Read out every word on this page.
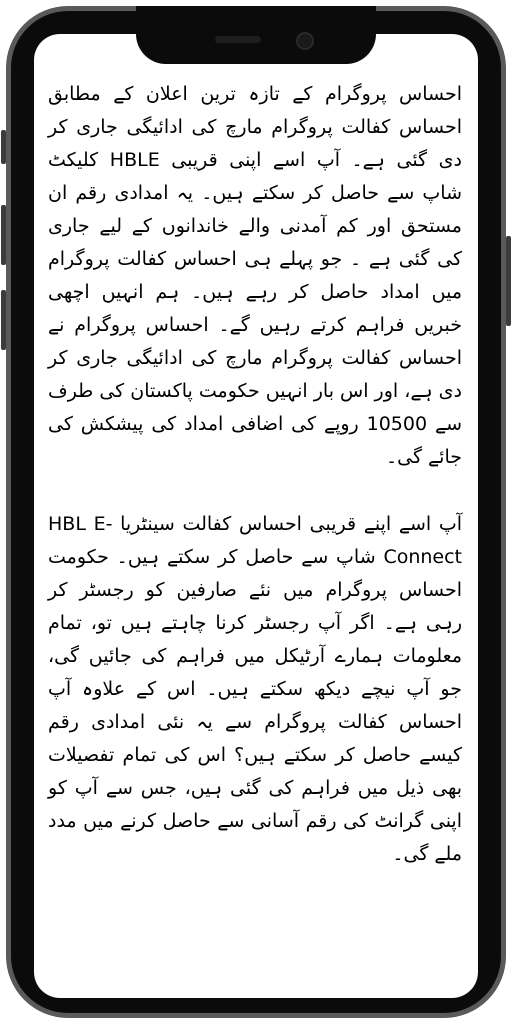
احساس پروگرام کے تازہ ترین اعلان کے مطابق احساس کفالت پروگرام مارچ کی ادائیگی جاری کر دی گئی ہے۔ آپ اسے اپنی قریبی HBLE کلیکٹ شاپ سے حاصل کر سکتے ہیں۔ یہ امدادی رقم ان مستحق اور کم آمدنی والے خاندانوں کے لیے جاری کی گئی ہے ۔ جو پہلے ہی احساس کفالت پروگرام میں امداد حاصل کر رہے ہیں۔ ہم انہیں اچھی خبریں فراہم کرتے رہیں گے۔ احساس پروگرام نے احساس کفالت پروگرام مارچ کی ادائیگی جاری کر دی ہے، اور اس بار انہیں حکومت پاکستان کی طرف سے 10500 روپے کی اضافی امداد کی پیشکش کی جائے گی۔

آپ اسے اپنے قریبی احساس کفالت سینٹریا HBL E-Connect شاپ سے حاصل کر سکتے ہیں۔ حکومت احساس پروگرام میں نئے صارفین کو رجسٹر کر رہی ہے۔ اگر آپ رجسٹر کرنا چاہتے ہیں تو، تمام معلومات ہمارے آرٹیکل میں فراہم کی جائیں گی، جو آپ نیچے دیکھ سکتے ہیں۔ اس کے علاوہ آپ احساس کفالت پروگرام سے یہ نئی امدادی رقم کیسے حاصل کر سکتے ہیں؟ اس کی تمام تفصیلات بھی ذیل میں فراہم کی گئی ہیں، جس سے آپ کو اپنی گرانٹ کی رقم آسانی سے حاصل کرنے میں مدد ملے گی۔
